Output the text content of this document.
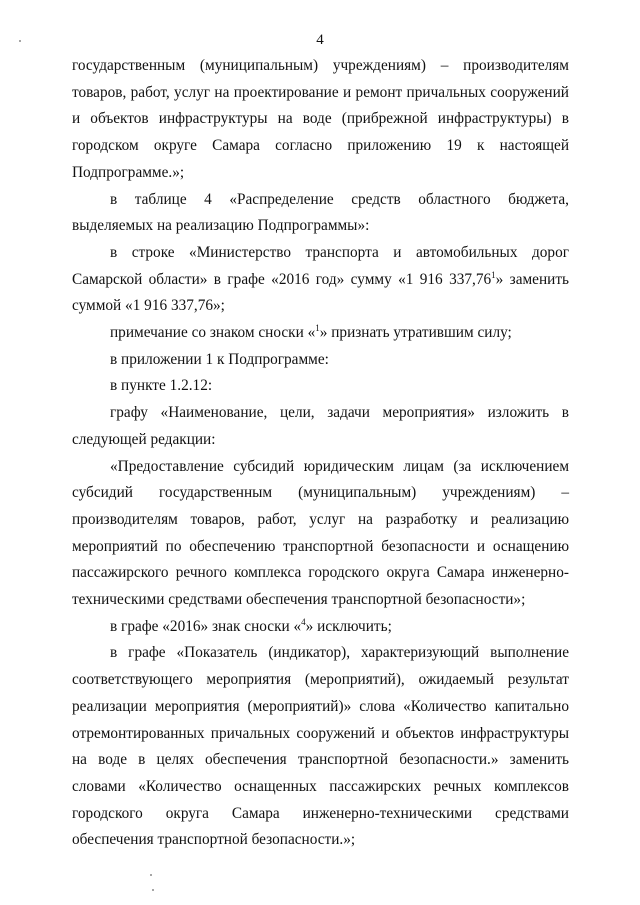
4

государственным (муниципальным) учреждениям) – производителям товаров, работ, услуг на проектирование и ремонт причальных сооружений и объектов инфраструктуры на воде (прибрежной инфраструктуры) в городском округе Самара согласно приложению 19 к настоящей Подпрограмме.»;

в таблице 4 «Распределение средств областного бюджета, выделяемых на реализацию Подпрограммы»:

в строке «Министерство транспорта и автомобильных дорог Самарской области» в графе «2016 год» сумму «1 916 337,76$^1$» заменить суммой «1 916 337,76»;

примечание со знаком сноски «$^1$» признать утратившим силу;

в приложении 1 к Подпрограмме:

в пункте 1.2.12:

графу «Наименование, цели, задачи мероприятия» изложить в следующей редакции:

«Предоставление субсидий юридическим лицам (за исключением субсидий государственным (муниципальным) учреждениям) – производителям товаров, работ, услуг на разработку и реализацию мероприятий по обеспечению транспортной безопасности и оснащению пассажирского речного комплекса городского округа Самара инженерно-техническими средствами обеспечения транспортной безопасности»;

в графе «2016» знак сноски «$^4$» исключить;

в графе «Показатель (индикатор), характеризующий выполнение соответствующего мероприятия (мероприятий), ожидаемый результат реализации мероприятия (мероприятий)» слова «Количество капитально отремонтированных причальных сооружений и объектов инфраструктуры на воде в целях обеспечения транспортной безопасности.» заменить словами «Количество оснащенных пассажирских речных комплексов городского округа Самара инженерно-техническими средствами обеспечения транспортной безопасности.»;
